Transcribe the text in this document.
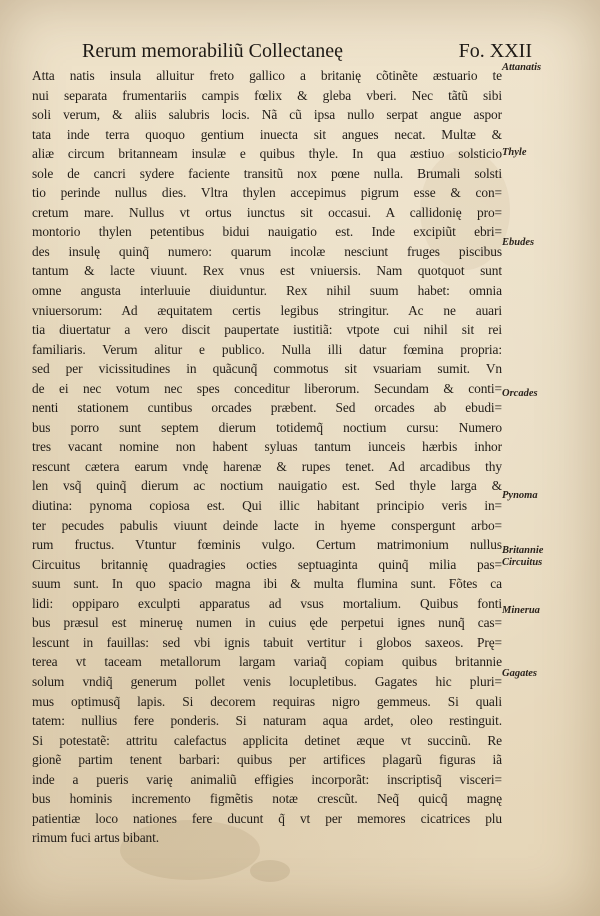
Rerum memorabiliũ Collectaneę	Fo. XXII
Atta natis insula alluitur freto gallico a britanię cõtinẽte æstuario te
nui separata frumentariis campis fœlix & gleba vberi. Nec tãtũ sibi
soli verum, & aliis salubris locis. Nã cũ ipsa nullo serpat angue aspor
tata inde terra quoquo gentium inuecta sit angues necat. Multæ &
aliæ circum britanneam insulæ e quibus thyle. In qua æstiuo solsticio
sole de cancri sydere faciente transitũ nox pœne nulla. Brumali solsti
tio perinde nullus dies. Vltra thylen accepimus pigrum esse & con=
cretum mare. Nullus vt ortus iunctus sit occasui. A callidonię pro=
montorio thylen petentibus bidui nauigatio est. Inde excipiũt ebri=
des insulę quinq̃ numero: quarum incolæ nesciunt fruges piscibus
tantum & lacte viuunt. Rex vnus est vniuersis. Nam quotquot sunt
omne angusta interluuie diuiduntur. Rex nihil suum habet: omnia
vniuersorum: Ad æquitatem certis legibus stringitur. Ac ne auari
tia diuertatur a vero discit paupertate iustitiã: vtpote cui nihil sit rei
familiaris. Verum alitur e publico. Nulla illi datur fœmina propria:
sed per vicissitudines in quãcunq̃ commotus sit vsuariam sumit. Vn
de ei nec votum nec spes conceditur liberorum. Secundam & conti=
nenti stationem cuntibus orcades præbent. Sed orcades ab ebudi=
bus porro sunt septem dierum totidemq̃ noctium cursu: Numero
tres vacant nomine non habent syluas tantum iunceis hærbis inhor
rescunt cætera earum vndę harenæ & rupes tenet. Ad arcadibus thy
len vsq̃ quinq̃ dierum ac noctium nauigatio est. Sed thyle larga &
diutina: pynoma copiosa est. Qui illic habitant principio veris in=
ter pecudes pabulis viuunt deinde lacte in hyeme conspergunt arbo=
rum fructus. Vtuntur fœminis vulgo. Certum matrimonium nullus
Circuitus britannię quadragies octies septuaginta quinq̃ milia pas=
suum sunt. In quo spacio magna ibi & multa flumina sunt. Fõtes ca
lidi: oppiparo exculpti apparatus ad vsus mortalium. Quibus fonti
bus præsul est mineruę numen in cuius ęde perpetui ignes nunq̃ cas=
lescunt in fauillas: sed vbi ignis tabuit vertitur i globos saxeos. Prę=
terea vt taceam metallorum largam variaq̃ copiam quibus britannie
solum vndiq̃ generum pollet venis locupletibus. Gagates hic pluri=
mus optimusq̃ lapis. Si decorem requiras nigro gemmeus. Si quali
tatem: nullius fere ponderis. Si naturam aqua ardet, oleo restinguit.
Si potestatẽ: attritu calefactus applicita detinet æque vt succinũ. Re
gionẽ partim tenent barbari: quibus per artifices plagarũ figuras iã
inde a pueris varię animaliũ effigies incorporãt: inscriptisq̃ visceri=
bus hominis incremento figmẽtis notæ crescũt. Neq̃ quicq̃ magnę
patientiæ loco nationes fere ducunt q̃ vt per memores cicatrices plu
rimum fuci artus bibant.
Attanatis
Thyle
Ebudes
Orcades
Pynoma
Britannie
Circuitus
Minerua
Gagates
